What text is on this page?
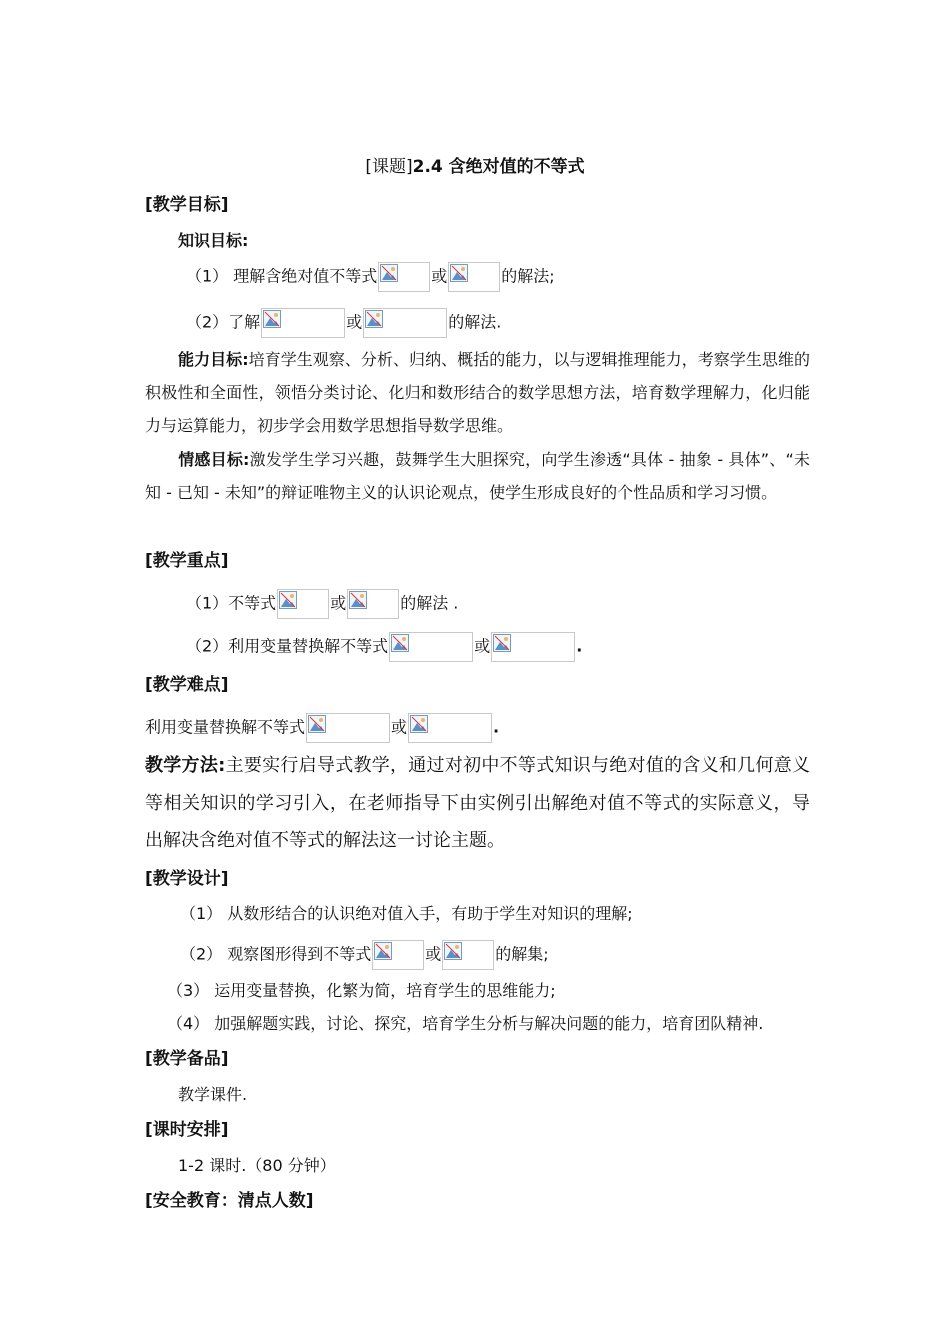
[课题]2.4 含绝对值的不等式
[教学目标]
知识目标:
（1） 理解含绝对值不等式	或	的解法;
（2）了解	或	的解法.
能力目标:培育学生观察、分析、归纳、概括的能力，以与逻辑推理能力，考察学生思维的积极性和全面性，领悟分类讨论、化归和数形结合的数学思想方法，培育数学理解力，化归能力与运算能力，初步学会用数学思想指导数学思维。
情感目标:激发学生学习兴趣，鼓舞学生大胆探究，向学生渗透“具体 - 抽象 - 具体”、“未知 - 已知 - 未知”的辩证唯物主义的认识论观点，使学生形成良好的个性品质和学习习惯。
[教学重点]
（1）不等式	或	的解法 .
（2）利用变量替换解不等式	或	.
[教学难点]
利用变量替换解不等式	或	.
教学方法:主要实行启导式教学，通过对初中不等式知识与绝对值的含义和几何意义等相关知识的学习引入，在老师指导下由实例引出解绝对值不等式的实际意义，导出解决含绝对值不等式的解法这一讨论主题。
[教学设计]
（1） 从数形结合的认识绝对值入手，有助于学生对知识的理解;
（2） 观察图形得到不等式	或	的解集;
（3） 运用变量替换，化繁为简，培育学生的思维能力;
（4） 加强解题实践，讨论、探究，培育学生分析与解决问题的能力，培育团队精神.
[教学备品]
教学课件.
[课时安排]
1-2 课时.（80 分钟）
[安全教育：清点人数]
